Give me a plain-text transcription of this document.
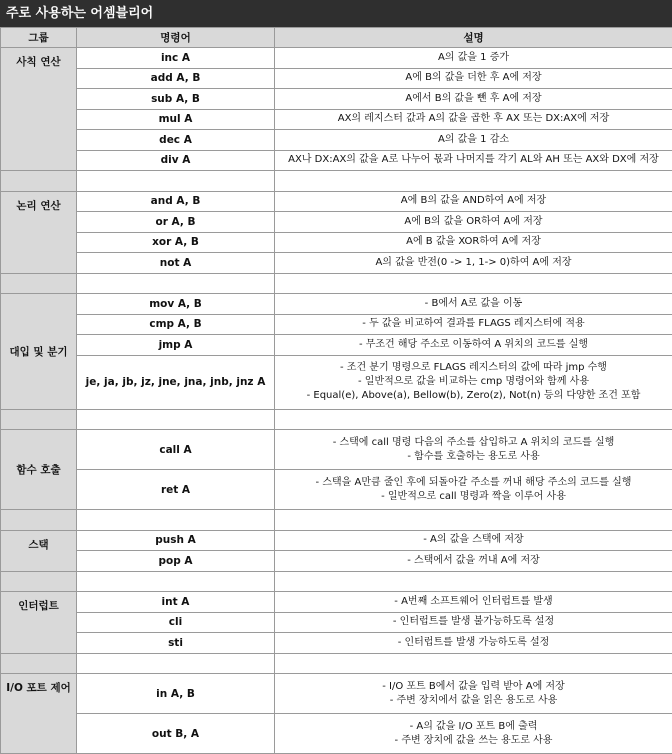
주로 사용하는 어셈블리어
그룹	명령어	설명
사칙 연산	inc A	A의 값을 1 증가

	add A, B	A에 B의 값을 더한 후 A에 저장

	sub A, B	A에서 B의 값을 뺀 후 A에 저장

	mul A	AX의 레지스터 값과 A의 값을 곱한 후 AX 또는 DX:AX에 저장

	dec A	A의 값을 1 감소

	div A	AX나 DX:AX의 값을 A로 나누어 몫과 나머지를 각기 AL와 AH 또는 AX와 DX에 저장

논리 연산	and A, B	A에 B의 값을 AND하여 A에 저장

	or A, B	A에 B의 값을 OR하여 A에 저장

	xor A, B	A에 B 값을 XOR하여 A에 저장

	not A	A의 값을 반전(0 -> 1, 1-> 0)하여 A에 저장

대입 및 분기	mov A, B	- B에서 A로 값을 이동

	cmp A, B	- 두 값을 비교하여 결과를 FLAGS 레지스터에 적용

	jmp A	- 무조건 해당 주소로 이동하여 A 위치의 코드를 실행

	je, ja, jb, jz, jne, jna, jnb, jnz A	- 조건 분기 명령으로 FLAGS 레지스터의 값에 따라 jmp 수행
- 일반적으로 값을 비교하는 cmp 명령어와 함께 사용
- Equal(e), Above(a), Bellow(b), Zero(z), Not(n) 등의 다양한 조건 포함

함수 호출	call A	- 스택에 call 명령 다음의 주소를 삽입하고 A 위치의 코드를 실행
- 함수를 호출하는 용도로 사용

	ret A	- 스택을 A만큼 줄인 후에 되돌아갈 주소를 꺼내 해당 주소의 코드를 실행
- 일반적으로 call 명령과 짝을 이루어 사용

스택	push A	- A의 값을 스택에 저장

	pop A	- 스택에서 값을 꺼내 A에 저장

인터럽트	int A	- A번째 소프트웨어 인터럽트를 발생

	cli	- 인터럽트를 발생 불가능하도록 설정

	sti	- 인터럽트를 발생 가능하도록 설정

I/O 포트 제어	in A, B	- I/O 포트 B에서 값을 입력 받아 A에 저장
- 주변 장치에서 값을 읽은 용도로 사용

	out B, A	- A의 값을 I/O 포트 B에 출력
- 주변 장치에 값을 쓰는 용도로 사용
